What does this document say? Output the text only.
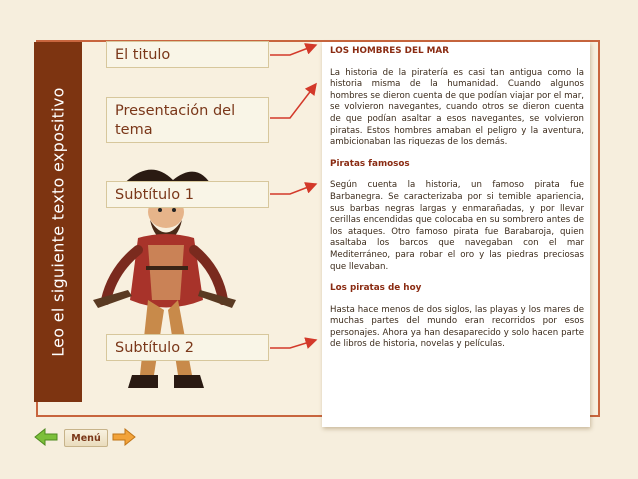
Leo el siguiente texto expositivo
El titulo
Presentación del tema
Subtítulo 1
Subtítulo 2
LOS HOMBRES DEL MAR
La historia de la piratería es casi tan antigua como la historia misma de la humanidad. Cuando algunos hombres se dieron cuenta de que podían viajar por el mar, se volvieron navegantes, cuando otros se dieron cuenta de que podían asaltar a esos navegantes, se volvieron piratas. Estos hombres amaban el peligro y la aventura, ambicionaban las riquezas de los demás.
Piratas famosos
Según cuenta la historia, un famoso pirata fue Barbanegra. Se caracterizaba por si temible apariencia, sus barbas negras largas y enmarañadas, y por llevar cerillas encendidas que colocaba en su sombrero antes de los ataques. Otro famoso pirata fue Barabaroja, quien asaltaba los barcos que navegaban con el mar Mediterráneo, para robar el oro y las piedras preciosas que llevaban.
Los piratas de hoy
Hasta hace menos de dos siglos, las playas y los mares de muchas partes del mundo eran recorridos por esos personajes. Ahora ya han desaparecido y solo hacen parte de libros de historia, novelas y películas.
Menú
